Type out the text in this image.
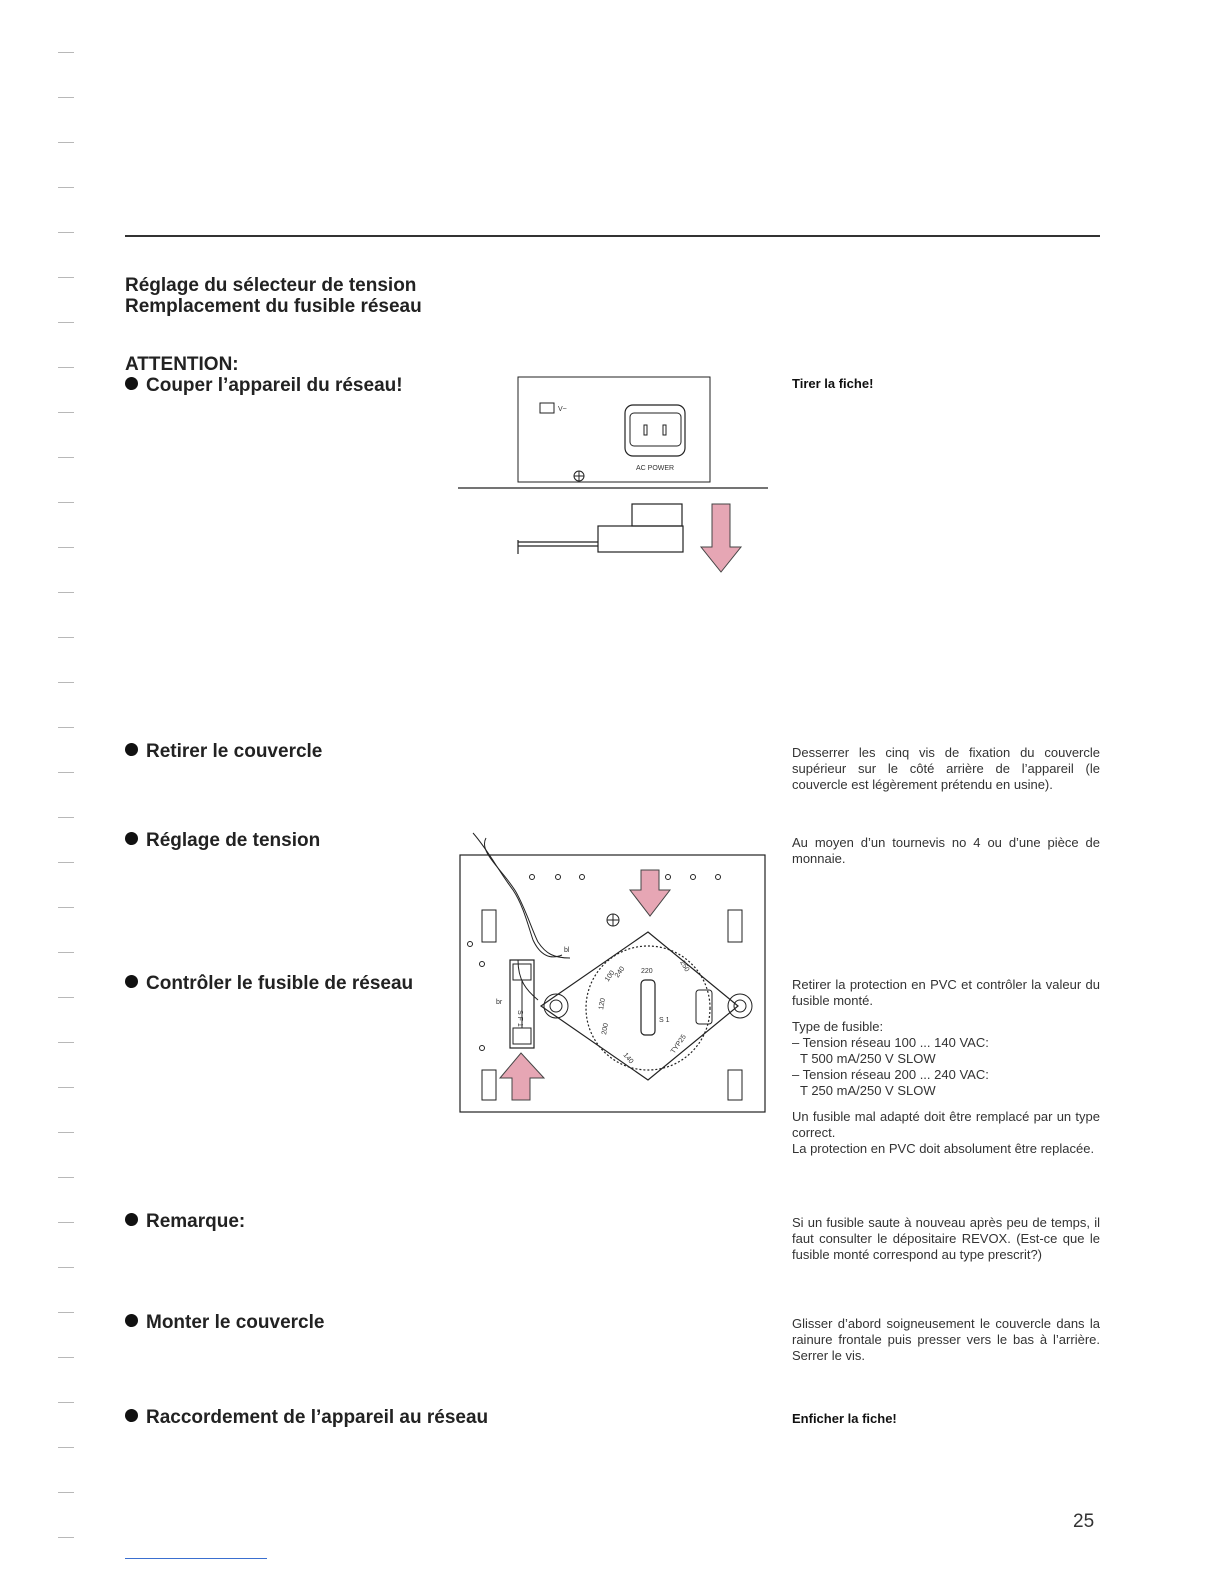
Réglage du sélecteur de tension
Remplacement du fusible réseau
ATTENTION:
Couper l’appareil du réseau!
V~
AC POWER
bl
br
S F 1
220
240
200
140
120
100
250
TYP25
S 1
Retirer le couvercle
Réglage de tension
Contrôler le fusible de réseau
Remarque:
Monter le couvercle
Raccordement de l’appareil au réseau
Tirer la fiche!
Desserrer les cinq vis de fixation du couvercle supérieur sur le côté arrière de l’appareil (le couvercle est légèrement prétendu en usine).
Au moyen d’un tournevis no 4 ou d’une pièce de monnaie.

Retirer la protection en PVC et contrôler la valeur du fusible monté.

Type de fusible:

– Tension réseau 100 ... 140 VAC:

T 500 mA/250 V SLOW

– Tension réseau 200 ... 240 VAC:

T 250 mA/250 V SLOW

Un fusible mal adapté doit être remplacé par un type correct.

La protection en PVC doit absolument être replacée.

Si un fusible saute à nouveau après peu de temps, il faut consulter le dépositaire REVOX. (Est-ce que le fusible monté correspond au type prescrit?)
Glisser d’abord soigneusement le couvercle dans la rainure frontale puis presser vers le bas à l’arrière. Serrer le vis.
Enficher la fiche!
25
